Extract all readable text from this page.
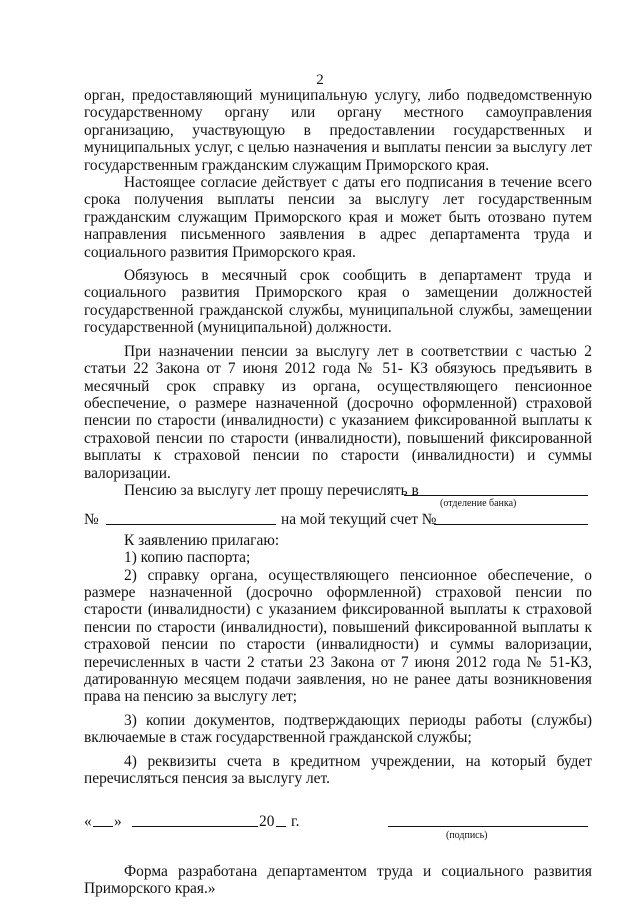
2

орган, предоставляющий муниципальную услугу, либо подведомственную государственному органу или органу местного самоуправления организацию, участвующую в предоставлении государственных и муниципальных услуг, с целью назначения и выплаты пенсии за выслугу лет государственным гражданским служащим Приморского края.

Настоящее согласие действует с даты его подписания в течение всего срока получения выплаты пенсии за выслугу лет государственным гражданским служащим Приморского края и может быть отозвано путем направления письменного заявления в адрес департамента труда и социального развития Приморского края.

Обязуюсь в месячный срок сообщить в департамент труда и социального развития Приморского края о замещении должностей государственной гражданской службы, муниципальной службы, замещении государственной (муниципальной) должности.

При назначении пенсии за выслугу лет в соответствии с частью 2 статьи 22 Закона от 7 июня 2012 года № 51- КЗ обязуюсь предъявить в месячный срок справку из органа, осуществляющего пенсионное обеспечение, о размере назначенной (досрочно оформленной) страховой пенсии по старости (инвалидности) с указанием фиксированной выплаты к страховой пенсии по старости (инвалидности), повышений фиксированной выплаты к страховой пенсии по старости (инвалидности) и суммы валоризации.

Пенсию за выслугу лет прошу перечислять в
(отделение банка)
№	на мой текущий счет №

К заявлению прилагаю:

1) копию паспорта;

2) справку органа, осуществляющего пенсионное обеспечение, о размере назначенной (досрочно оформленной) страховой пенсии по старости (инвалидности) с указанием фиксированной выплаты к страховой пенсии по старости (инвалидности), повышений фиксированной выплаты к страховой пенсии по старости (инвалидности) и суммы валоризации, перечисленных в части 2 статьи 23 Закона от 7 июня 2012 года № 51-КЗ, датированную месяцем подачи заявления, но не ранее даты возникновения права на пенсию за выслугу лет;

3) копии документов, подтверждающих периоды работы (службы) включаемые в стаж государственной гражданской службы;

4) реквизиты счета в кредитном учреждении, на который будет перечисляться пенсия за выслугу лет.

« »	20 г.
(подпись)

Форма разработана департаментом труда и социального развития Приморского края.»
